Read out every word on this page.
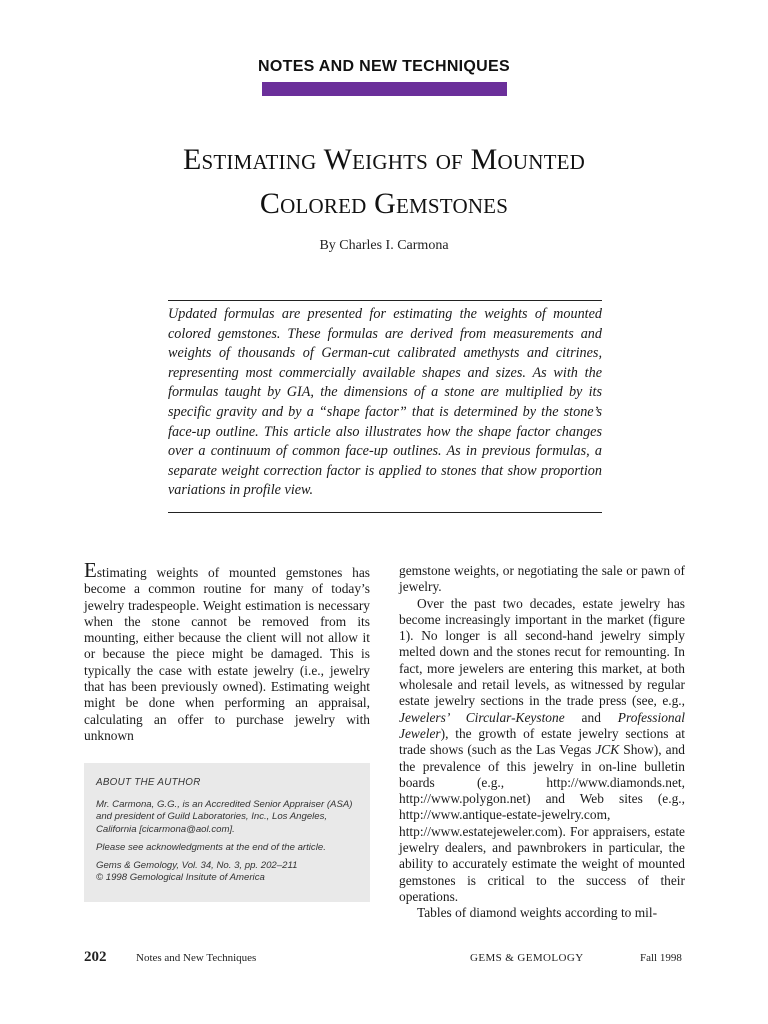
NOTES AND NEW TECHNIQUES
Estimating Weights of Mounted
Colored Gemstones
By Charles I. Carmona
Updated formulas are presented for estimating the weights of mounted colored gemstones. These formulas are derived from measurements and weights of thousands of German-cut calibrated amethysts and citrines, representing most commercially available shapes and sizes. As with the formulas taught by GIA, the dimensions of a stone are multiplied by its specific gravity and by a “shape factor” that is determined by the stone’s face-up outline. This article also illustrates how the shape factor changes over a continuum of common face-up outlines. As in previous formulas, a separate weight correction factor is applied to stones that show proportion variations in profile view.

Estimating weights of mounted gemstones has become a common routine for many of today’s jewelry tradespeople. Weight estimation is necessary when the stone cannot be removed from its mounting, either because the client will not allow it or because the piece might be damaged. This is typically the case with estate jewelry (i.e., jewelry that has been previously owned). Estimating weight might be done when performing an appraisal, calculating an offer to purchase jewelry with unknown

ABOUT THE AUTHOR

Mr. Carmona, G.G., is an Accredited Senior Appraiser (ASA) and president of Guild Laboratories, Inc., Los Angeles, California [cicarmona@aol.com].

Please see acknowledgments at the end of the article.

Gems & Gemology, Vol. 34, No. 3, pp. 202–211

© 1998 Gemological Insitute of America

gemstone weights, or negotiating the sale or pawn of jewelry.

Over the past two decades, estate jewelry has become increasingly important in the market (figure 1). No longer is all second-hand jewelry simply melted down and the stones recut for remounting. In fact, more jewelers are entering this market, at both wholesale and retail levels, as witnessed by regular estate jewelry sections in the trade press (see, e.g., Jewelers’ Circular-Keystone and Professional Jeweler), the growth of estate jewelry sections at trade shows (such as the Las Vegas JCK Show), and the prevalence of this jewelry in on-line bulletin boards (e.g., http://www.diamonds.net, http://www.polygon.net) and Web sites (e.g., http://www.antique-estate-jewelry.com, http://www.estatejeweler.com). For appraisers, estate jewelry dealers, and pawnbrokers in particular, the ability to accurately estimate the weight of mounted gemstones is critical to the success of their operations.

Tables of diamond weights according to mil-

202	Notes and New Techniques	GEMS & GEMOLOGY	Fall 1998
